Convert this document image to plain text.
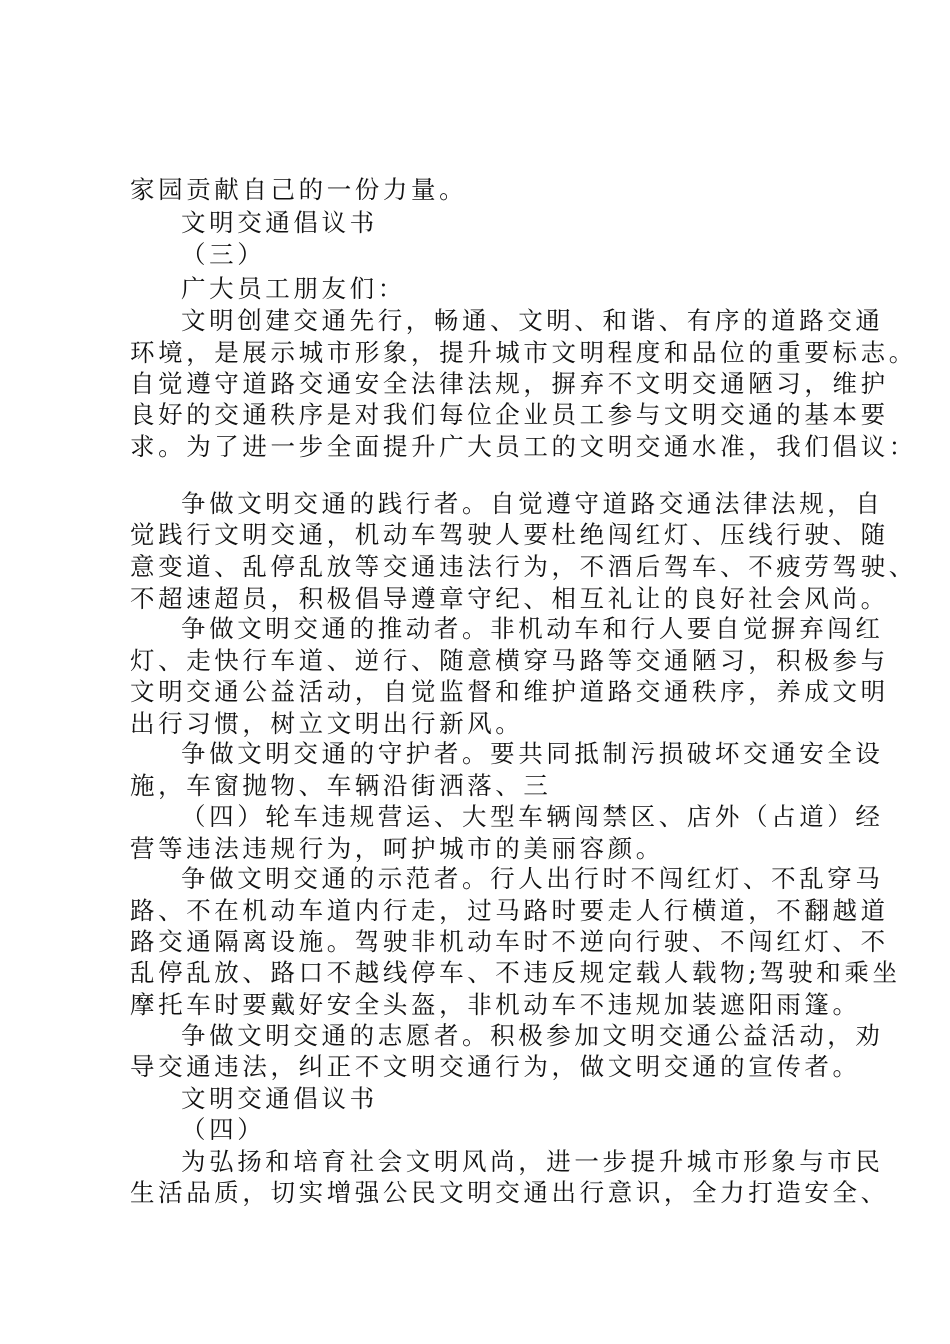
家园贡献自己的一份力量。
文明交通倡议书
（三）
广大员工朋友们：
文明创建交通先行，畅通、文明、和谐、有序的道路交通
环境，是展示城市形象，提升城市文明程度和品位的重要标志。
自觉遵守道路交通安全法律法规，摒弃不文明交通陋习，维护
良好的交通秩序是对我们每位企业员工参与文明交通的基本要
求。为了进一步全面提升广大员工的文明交通水准，我们倡议：
争做文明交通的践行者。自觉遵守道路交通法律法规，自
觉践行文明交通，机动车驾驶人要杜绝闯红灯、压线行驶、随
意变道、乱停乱放等交通违法行为，不酒后驾车、不疲劳驾驶、
不超速超员，积极倡导遵章守纪、相互礼让的良好社会风尚。
争做文明交通的推动者。非机动车和行人要自觉摒弃闯红
灯、走快行车道、逆行、随意横穿马路等交通陋习，积极参与
文明交通公益活动，自觉监督和维护道路交通秩序，养成文明
出行习惯，树立文明出行新风。
争做文明交通的守护者。要共同抵制污损破坏交通安全设
施，车窗抛物、车辆沿街洒落、三
（四）轮车违规营运、大型车辆闯禁区、店外（占道）经
营等违法违规行为，呵护城市的美丽容颜。
争做文明交通的示范者。行人出行时不闯红灯、不乱穿马
路、不在机动车道内行走，过马路时要走人行横道，不翻越道
路交通隔离设施。驾驶非机动车时不逆向行驶、不闯红灯、不
乱停乱放、路口不越线停车、不违反规定载人载物;驾驶和乘坐
摩托车时要戴好安全头盔，非机动车不违规加装遮阳雨篷。
争做文明交通的志愿者。积极参加文明交通公益活动，劝
导交通违法，纠正不文明交通行为，做文明交通的宣传者。
文明交通倡议书
（四）
为弘扬和培育社会文明风尚，进一步提升城市形象与市民
生活品质，切实增强公民文明交通出行意识，全力打造安全、
